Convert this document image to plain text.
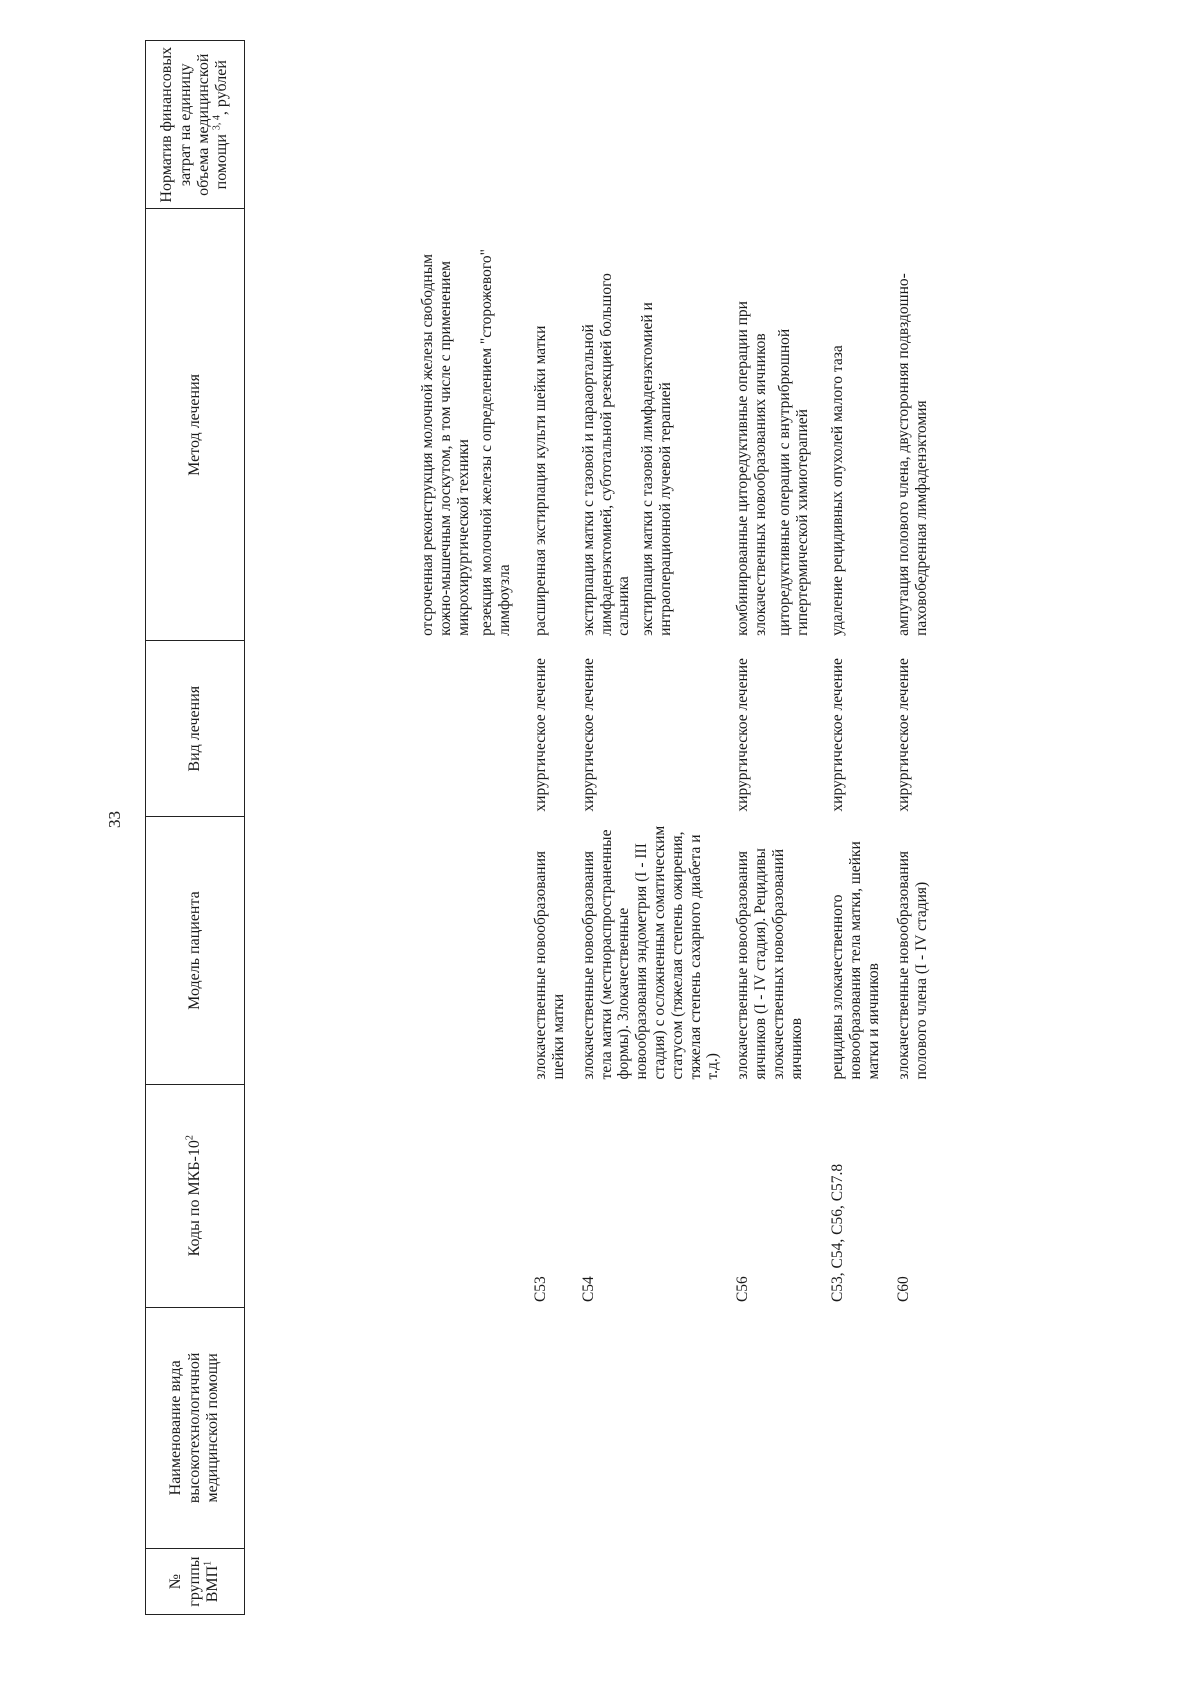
33
№ группы ВМП$^1$	Наименование вида высокотехнологичной медицинской помощи	Коды по МКБ-$10^2$	Модель пациента	Вид лечения	Метод лечения	Норматив финансовых затрат на единицу объема медицинской помощи $^{3, 4}$, рублей

					отсроченная реконструкция молочной железы свободным кожно-мышечным лоскутом, в том числе с применением микрохирургической техники резекция молочной железы с определением "сторожевого" лимфоузла	

		C53	злокачественные новообразования шейки матки	хирургическое лечение	расширенная экстирпация культи шейки матки	

		C54	злокачественные новообразования тела матки (местнораспространенные формы). Злокачественные новообразования эндометрия (I - III стадия) с осложненным соматическим статусом (тяжелая степень ожирения, тяжелая степень сахарного диабета и т.д.)	хирургическое лечение	экстирпация матки с тазовой и парааортальной лимфаденэктомией, субтотальной резекцией большого сальника экстирпация матки с тазовой лимфаденэктомией и интраоперационной лучевой терапией	

		C56	злокачественные новообразования яичников (I - IV стадия). Рецидивы злокачественных новообразований яичников	хирургическое лечение	комбинированные циторедуктивные операции при злокачественных новообразованиях яичников циторедуктивные операции с внутрибрюшной гипертермической химиотерапией	

		C53, C54, C56, C57.8	рецидивы злокачественного новообразования тела матки, шейки матки и яичников	хирургическое лечение	удаление рецидивных опухолей малого таза	

		C60	злокачественные новообразования полового члена (I - IV стадия)	хирургическое лечение	ампутация полового члена, двусторонняя подвздошно-паховобедренная лимфаденэктомия	
